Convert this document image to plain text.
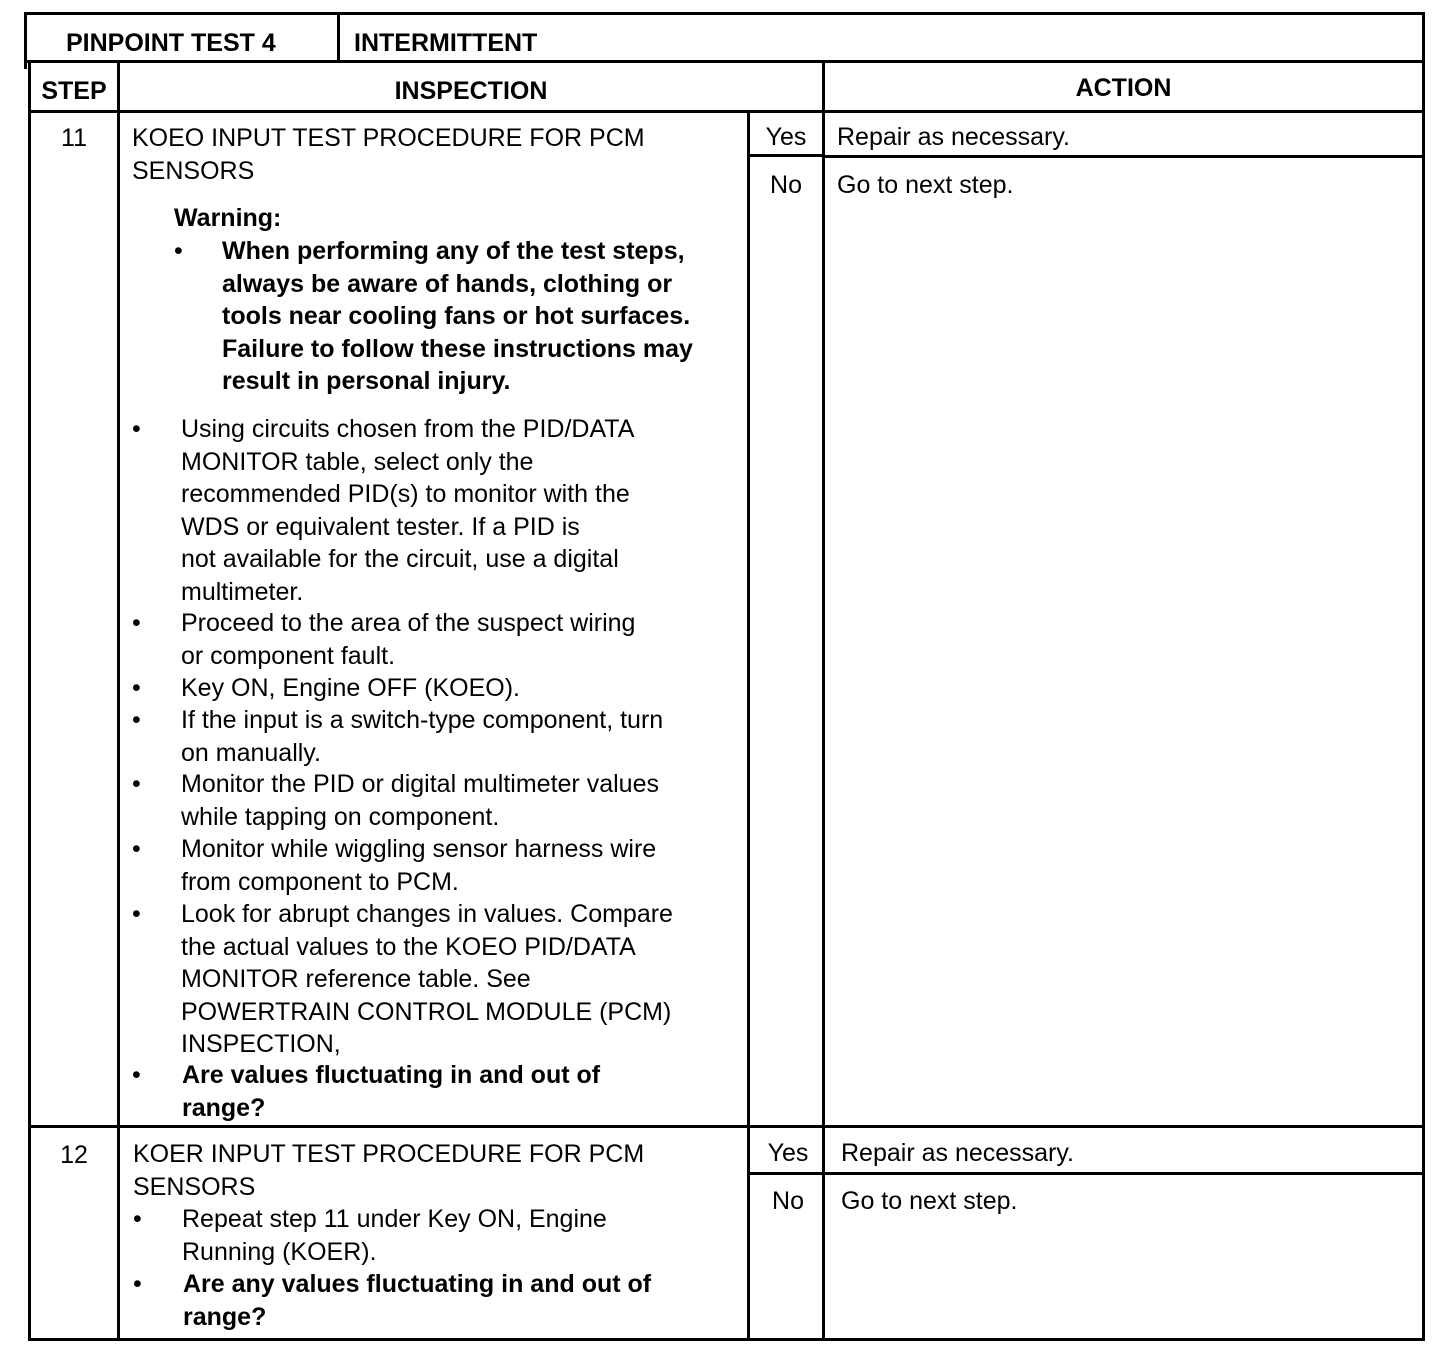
PINPOINT TEST 4	INTERMITTENT
STEP	INSPECTION	ACTION
11	KOEO INPUT TEST PROCEDURE FOR PCM
SENSORS
Warning:
• When performing any of the test steps,
always be aware of hands, clothing or
tools near cooling fans or hot surfaces.
Failure to follow these instructions may
result in personal injury.
• Using circuits chosen from the PID/DATA
MONITOR table, select only the
recommended PID(s) to monitor with the
WDS or equivalent tester. If a PID is
not available for the circuit, use a digital
multimeter.
• Proceed to the area of the suspect wiring
or component fault.
• Key ON, Engine OFF (KOEO).
• If the input is a switch-type component, turn
on manually.
• Monitor the PID or digital multimeter values
while tapping on component.
• Monitor while wiggling sensor harness wire
from component to PCM.
• Look for abrupt changes in values. Compare
the actual values to the KOEO PID/DATA
MONITOR reference table. See
POWERTRAIN CONTROL MODULE (PCM)
INSPECTION,
• Are values fluctuating in and out of
range?
Yes	Repair as necessary.
No	Go to next step.
12	KOER INPUT TEST PROCEDURE FOR PCM
SENSORS
• Repeat step 11 under Key ON, Engine
Running (KOER).
• Are any values fluctuating in and out of
range?
Yes	Repair as necessary.
No	Go to next step.
